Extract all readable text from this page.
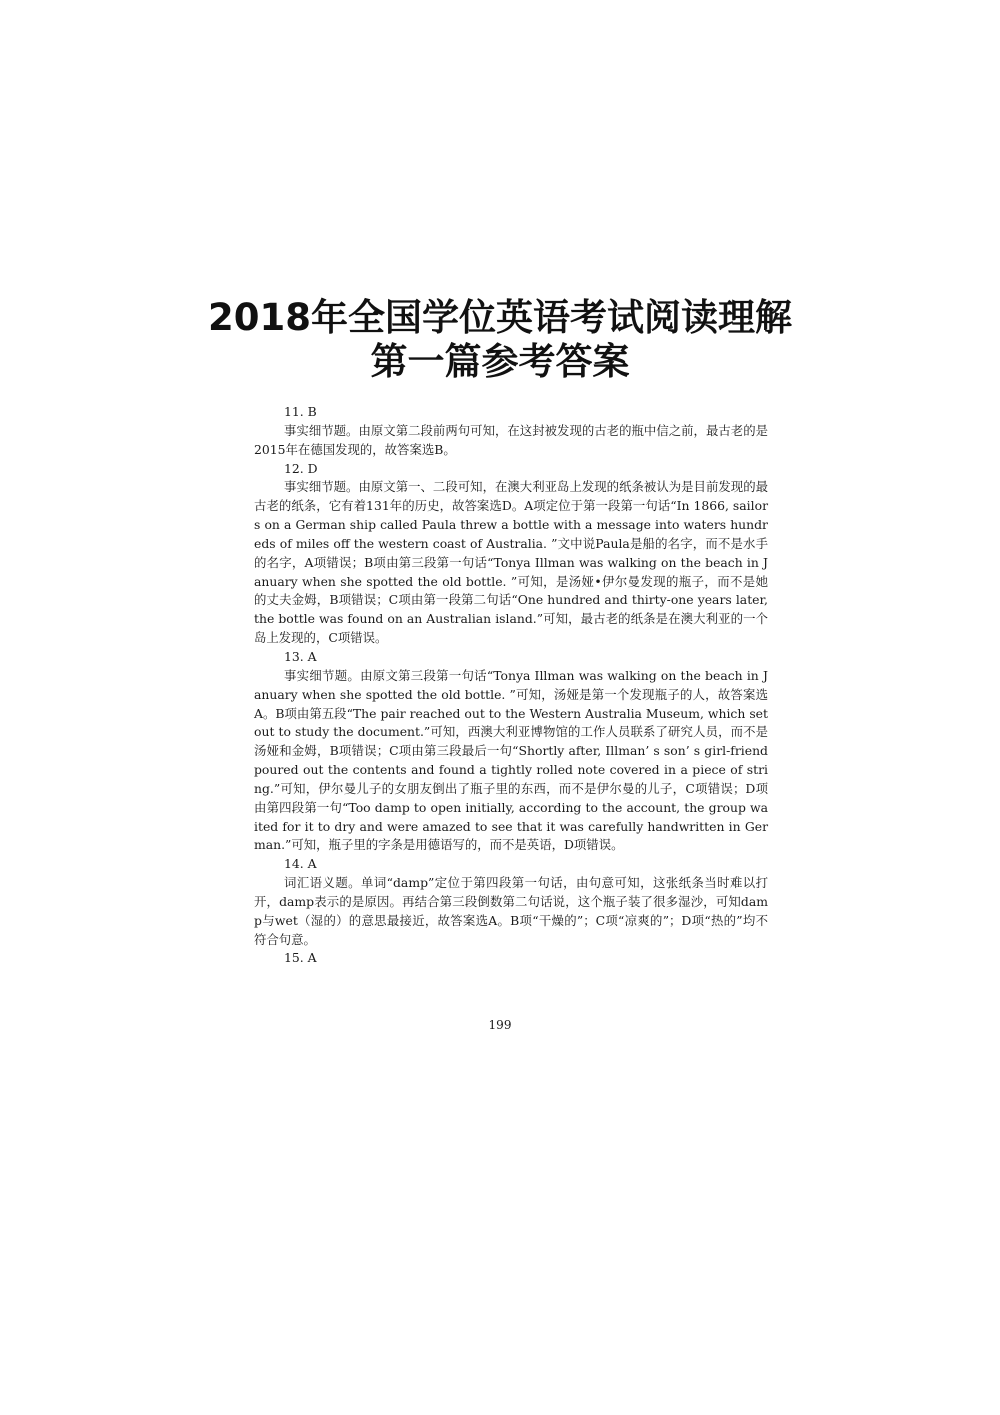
2018年全国学位英语考试阅读理解
第一篇参考答案
11. B

事实细节题。由原文第二段前两句可知，在这封被发现的古老的瓶中信之前，最古老的是2015年在德国发现的，故答案选B。

12. D

事实细节题。由原文第一、二段可知，在澳大利亚岛上发现的纸条被认为是目前发现的最古老的纸条，它有着131年的历史，故答案选D。A项定位于第一段第一句话“In 1866, sailors on a German ship called Paula threw a bottle with a message into waters hundreds of miles off the western coast of Australia. ”文中说Paula是船的名字，而不是水手的名字，A项错误；B项由第三段第一句话“Tonya Illman was walking on the beach in January when she spotted the old bottle. ”可知，是汤娅•伊尔曼发现的瓶子，而不是她的丈夫金姆，B项错误；C项由第一段第二句话“One hundred and thirty-one years later, the bottle was found on an Australian island.”可知，最古老的纸条是在澳大利亚的一个岛上发现的，C项错误。

13. A

事实细节题。由原文第三段第一句话“Tonya Illman was walking on the beach in January when she spotted the old bottle. ”可知，汤娅是第一个发现瓶子的人，故答案选A。B项由第五段“The pair reached out to the Western Australia Museum, which set out to study the document.”可知，西澳大利亚博物馆的工作人员联系了研究人员，而不是汤娅和金姆，B项错误；C项由第三段最后一句“Shortly after, Illman’ s son’ s girl-friend poured out the contents and found a tightly rolled note covered in a piece of string.”可知，伊尔曼儿子的女朋友倒出了瓶子里的东西，而不是伊尔曼的儿子，C项错误；D项由第四段第一句“Too damp to open initially, according to the account, the group waited for it to dry and were amazed to see that it was carefully handwritten in German.”可知，瓶子里的字条是用德语写的，而不是英语，D项错误。

14. A

词汇语义题。单词“damp”定位于第四段第一句话，由句意可知，这张纸条当时难以打开，damp表示的是原因。再结合第三段倒数第二句话说，这个瓶子装了很多湿沙，可知damp与wet（湿的）的意思最接近，故答案选A。B项“干燥的”；C项“凉爽的”；D项“热的”均不符合句意。

15. A
199
